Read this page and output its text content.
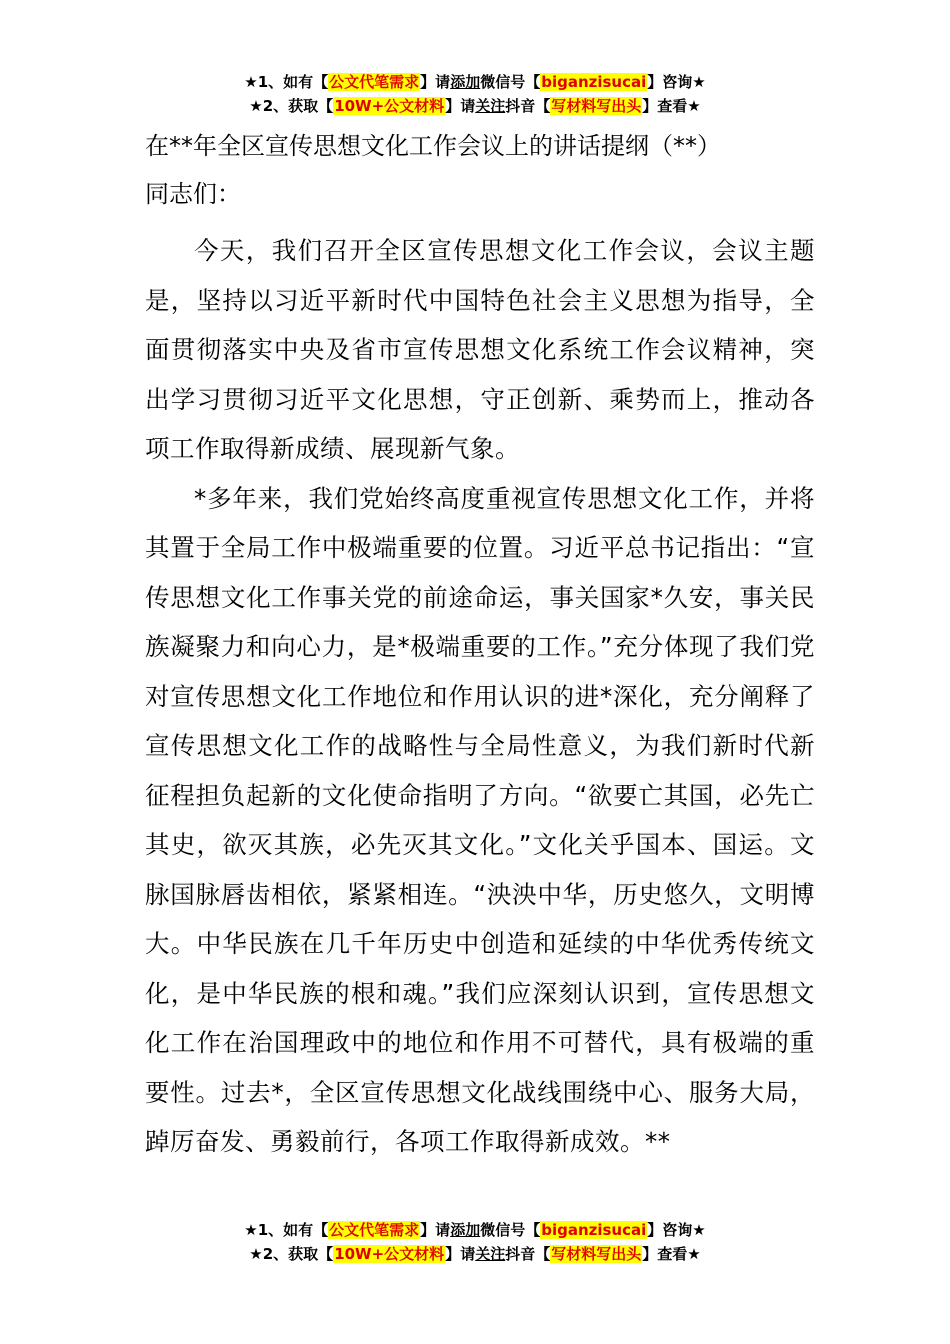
★1、如有【公文代笔需求】请添加微信号【biganzisucai】咨询★
★2、获取【10W+公文材料】请关注抖音【写材料写出头】查看★
在**年全区宣传思想文化工作会议上的讲话提纲（**）
同志们：

今天，我们召开全区宣传思想文化工作会议，会议主题是，坚持以习近平新时代中国特色社会主义思想为指导，全面贯彻落实中央及省市宣传思想文化系统工作会议精神，突出学习贯彻习近平文化思想，守正创新、乘势而上，推动各项工作取得新成绩、展现新气象。

*多年来，我们党始终高度重视宣传思想文化工作，并将其置于全局工作中极端重要的位置。习近平总书记指出：“宣传思想文化工作事关党的前途命运，事关国家*久安，事关民族凝聚力和向心力，是*极端重要的工作。”充分体现了我们党对宣传思想文化工作地位和作用认识的进*深化，充分阐释了宣传思想文化工作的战略性与全局性意义，为我们新时代新征程担负起新的文化使命指明了方向。“欲要亡其国，必先亡其史，欲灭其族，必先灭其文化。”文化关乎国本、国运。文脉国脉唇齿相依，紧紧相连。“泱泱中华，历史悠久，文明博大。中华民族在几千年历史中创造和延续的中华优秀传统文化，是中华民族的根和魂。”我们应深刻认识到，宣传思想文化工作在治国理政中的地位和作用不可替代，具有极端的重要性。过去*，全区宣传思想文化战线围绕中心、服务大局，踔厉奋发、勇毅前行，各项工作取得新成效。**

★1、如有【公文代笔需求】请添加微信号【biganzisucai】咨询★
★2、获取【10W+公文材料】请关注抖音【写材料写出头】查看★
